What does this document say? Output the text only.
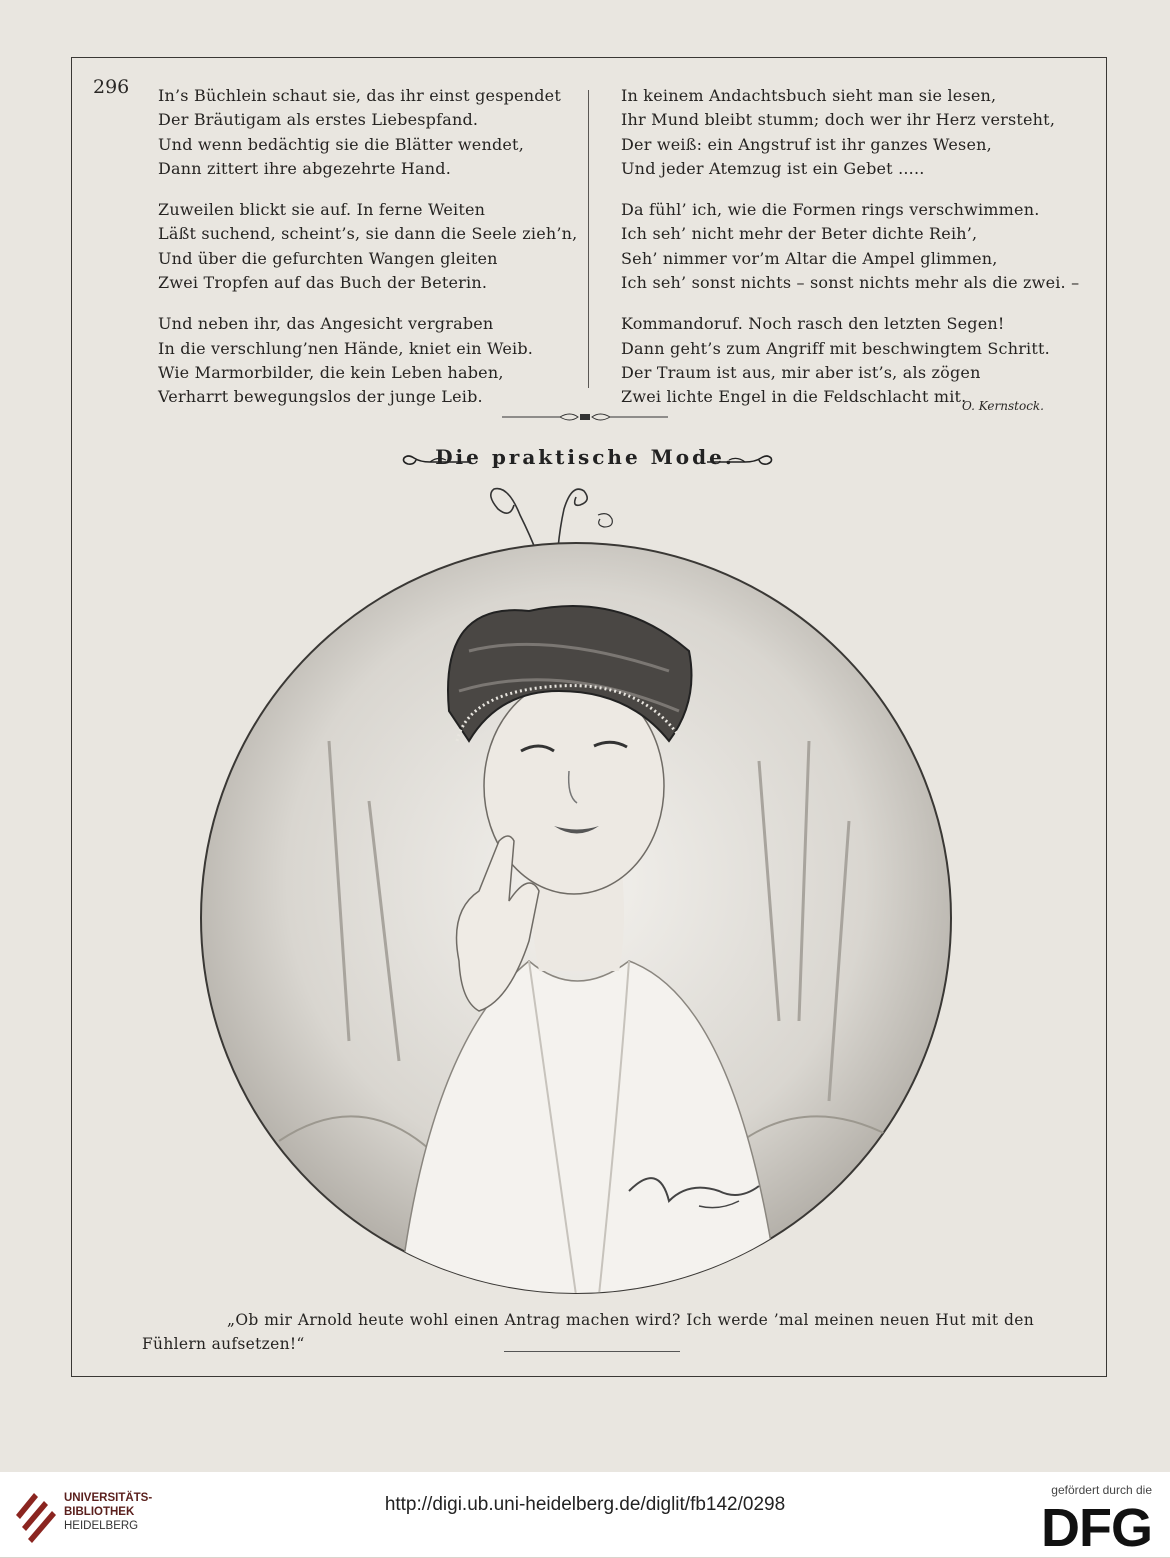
296 In’s Büchlein schaut sie, das ihr einst gespendet
Der Bräutigam als erstes Liebespfand.
Und wenn bedächtig sie die Blätter wendet,
Dann zittert ihre abgezehrte Hand.
Zuweilen blickt sie auf. In ferne Weiten
Läßt suchend, scheint’s, sie dann die Seele zieh’n,
Und über die gefurchten Wangen gleiten
Zwei Tropfen auf das Buch der Beterin.
Und neben ihr, das Angesicht vergraben
In die verschlung’nen Hände, kniet ein Weib.
Wie Marmorbilder, die kein Leben haben,
Verharrt bewegungslos der junge Leib.
In keinem Andachtsbuch sieht man sie lesen,
Ihr Mund bleibt stumm; doch wer ihr Herz versteht,
Der weiß: ein Angstruf ist ihr ganzes Wesen,
Und jeder Atemzug ist ein Gebet .....
Da fühl’ ich, wie die Formen rings verschwimmen.
Ich seh’ nicht mehr der Beter dichte Reih’,
Seh’ nimmer vor’m Altar die Ampel glimmen,
Ich seh’ sonst nichts – sonst nichts mehr als die zwei. –
Kommandoruf. Noch rasch den letzten Segen!
Dann geht’s zum Angriff mit beschwingtem Schritt.
Der Traum ist aus, mir aber ist’s, als zögen
Zwei lichte Engel in die Feldschlacht mit.
O. Kernstock.
Die praktische Mode.
„Ob mir Arnold heute wohl einen Antrag machen wird? Ich werde ’mal meinen neuen Hut mit den Fühlern aufsetzen!“
UNIVERSITÄTS-
BIBLIOTHEK
HEIDELBERG
http://digi.ub.uni-heidelberg.de/diglit/fb142/0298
gefördert durch die
DFG
